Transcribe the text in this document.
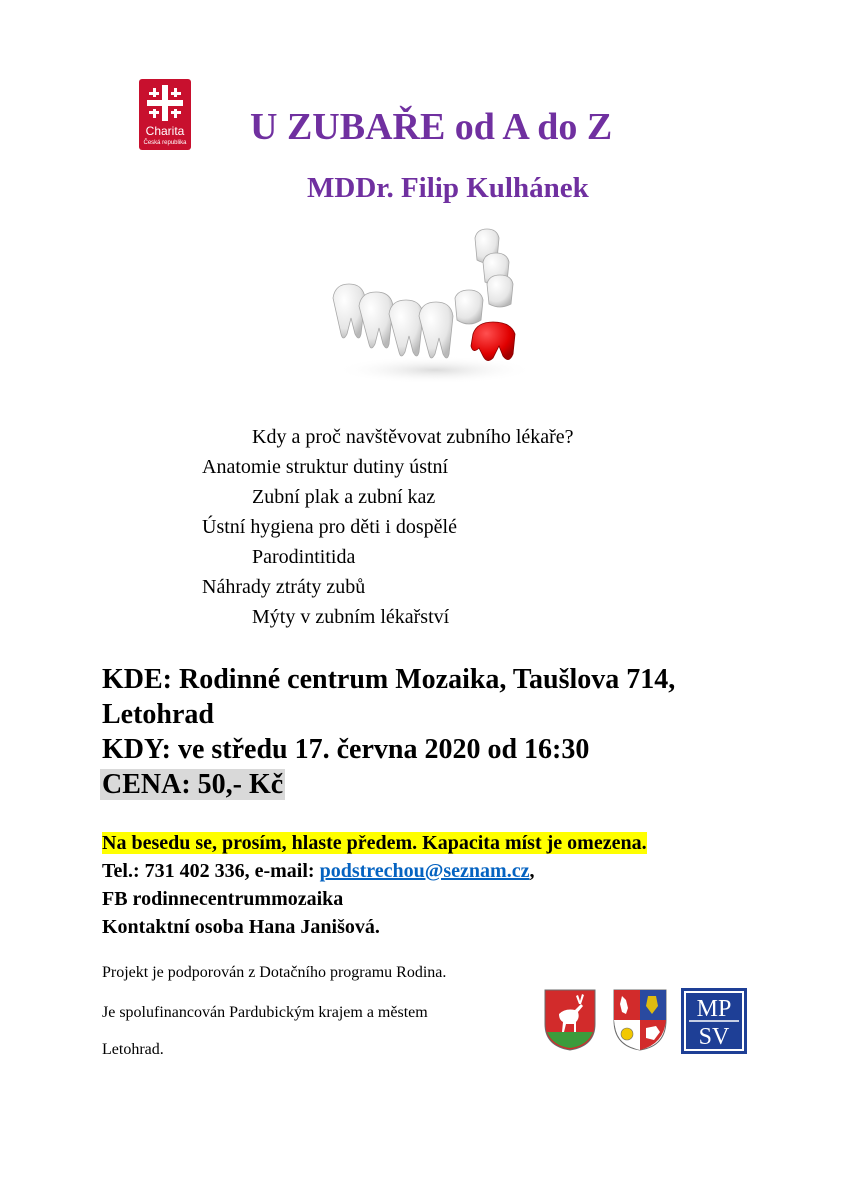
Charita
Česká republika U ZUBAŘE od A do Z
MDDr. Filip Kulhánek
Kdy a proč navštěvovat zubního lékaře?
Anatomie struktur dutiny ústní
Zubní plak a zubní kaz
Ústní hygiena pro děti i dospělé
Parodintitida
Náhrady ztráty zubů
Mýty v zubním lékařství
KDE: Rodinné centrum Mozaika, Taušlova 714,
Letohrad
KDY: ve středu 17. června 2020 od 16:30
CENA: 50,- Kč
Na besedu se, prosím, hlaste předem. Kapacita míst je omezena.
Tel.: 731 402 336, e-mail: podstrechou@seznam.cz,
FB rodinnecentrummozaika
Kontaktní osoba Hana Janišová.
Projekt je podporován z Dotačního programu Rodina.
Je spolufinancován Pardubickým krajem a městem
Letohrad.
MP
SV
